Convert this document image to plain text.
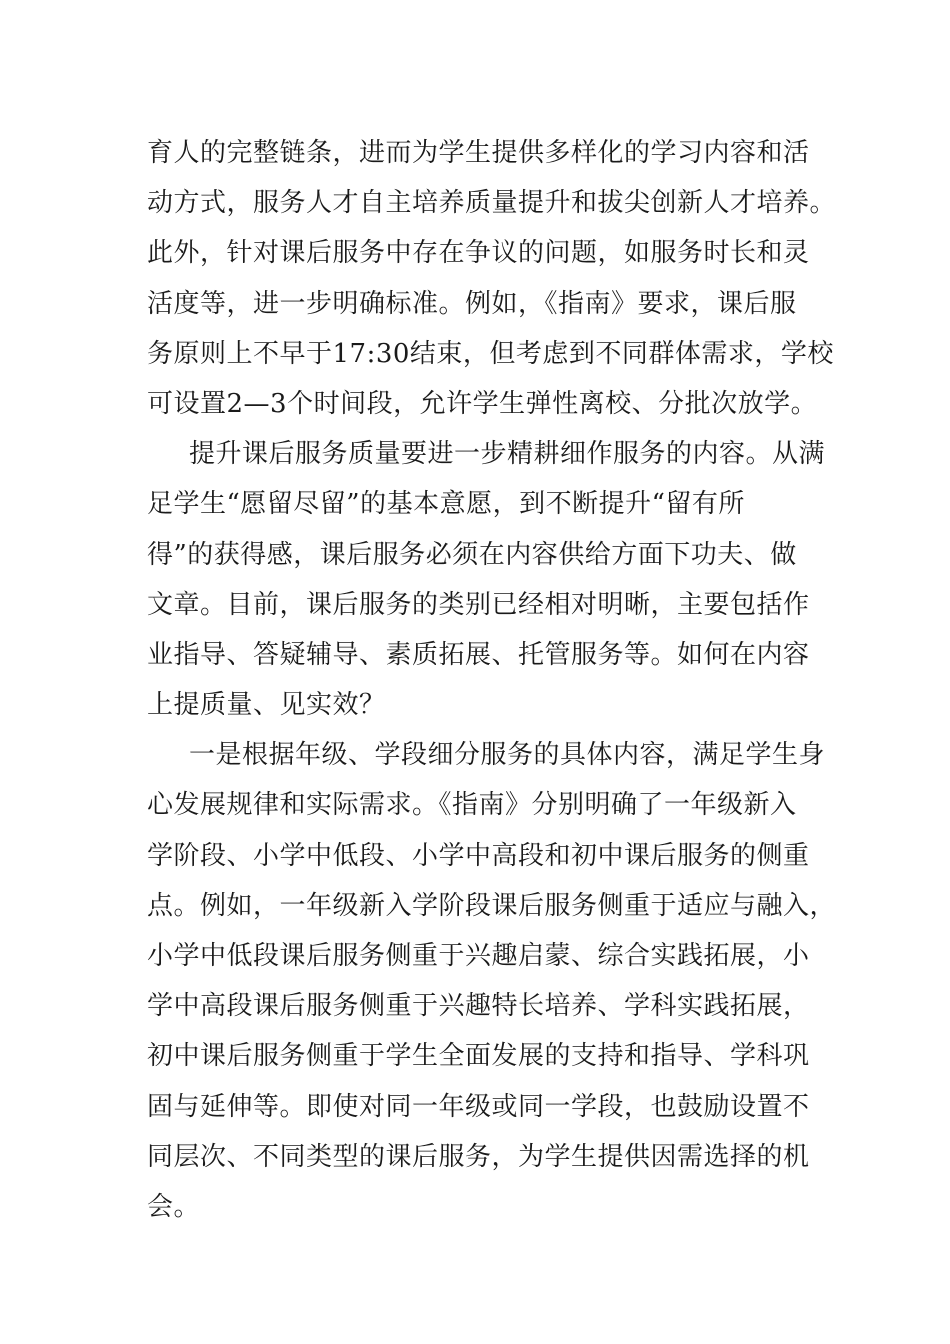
育人的完整链条，进而为学生提供多样化的学习内容和活
动方式，服务人才自主培养质量提升和拔尖创新人才培养。
此外，针对课后服务中存在争议的问题，如服务时长和灵
活度等，进一步明确标准。例如，《指南》要求，课后服
务原则上不早于17:30结束，但考虑到不同群体需求，学校
可设置2—3个时间段，允许学生弹性离校、分批次放学。
提升课后服务质量要进一步精耕细作服务的内容。从满
足学生“愿留尽留”的基本意愿，到不断提升“留有所
得”的获得感，课后服务必须在内容供给方面下功夫、做
文章。目前，课后服务的类别已经相对明晰，主要包括作
业指导、答疑辅导、素质拓展、托管服务等。如何在内容
上提质量、见实效？
一是根据年级、学段细分服务的具体内容，满足学生身
心发展规律和实际需求。《指南》分别明确了一年级新入
学阶段、小学中低段、小学中高段和初中课后服务的侧重
点。例如，一年级新入学阶段课后服务侧重于适应与融入，
小学中低段课后服务侧重于兴趣启蒙、综合实践拓展，小
学中高段课后服务侧重于兴趣特长培养、学科实践拓展，
初中课后服务侧重于学生全面发展的支持和指导、学科巩
固与延伸等。即使对同一年级或同一学段，也鼓励设置不
同层次、不同类型的课后服务，为学生提供因需选择的机
会。
